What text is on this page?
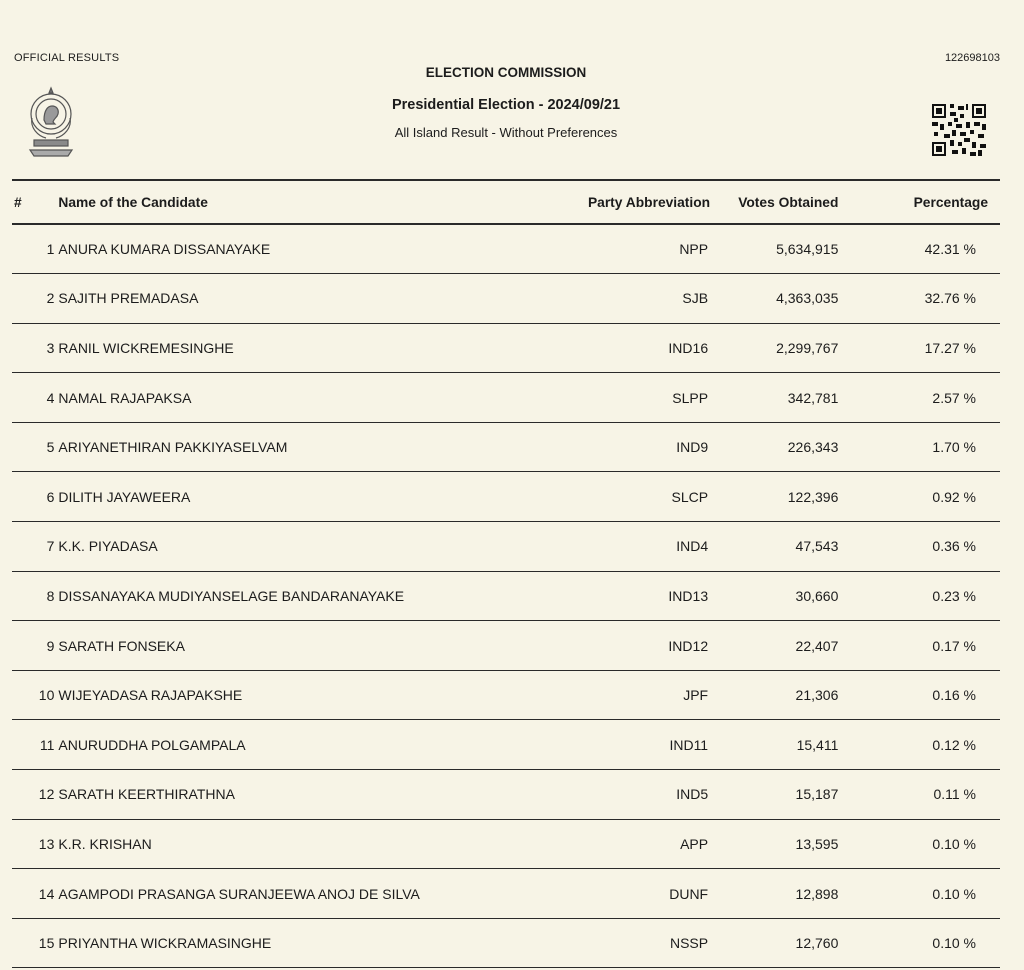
OFFICIAL RESULTS	122698103
ELECTION COMMISSION
Presidential Election - 2024/09/21
All Island Result - Without Preferences
#	Name of the Candidate	Party Abbreviation	Votes Obtained	Percentage
1	ANURA KUMARA DISSANAYAKE	NPP	5,634,915	42.31 %
2	SAJITH PREMADASA	SJB	4,363,035	32.76 %
3	RANIL WICKREMESINGHE	IND16	2,299,767	17.27 %
4	NAMAL RAJAPAKSA	SLPP	342,781	2.57 %
5	ARIYANETHIRAN PAKKIYASELVAM	IND9	226,343	1.70 %
6	DILITH JAYAWEERA	SLCP	122,396	0.92 %
7	K.K. PIYADASA	IND4	47,543	0.36 %
8	DISSANAYAKA MUDIYANSELAGE BANDARANAYAKE	IND13	30,660	0.23 %
9	SARATH FONSEKA	IND12	22,407	0.17 %
10	WIJEYADASA RAJAPAKSHE	JPF	21,306	0.16 %
11	ANURUDDHA POLGAMPALA	IND11	15,411	0.12 %
12	SARATH KEERTHIRATHNA	IND5	15,187	0.11 %
13	K.R. KRISHAN	APP	13,595	0.10 %
14	AGAMPODI PRASANGA SURANJEEWA ANOJ DE SILVA	DUNF	12,898	0.10 %
15	PRIYANTHA WICKRAMASINGHE	NSSP	12,760	0.10 %
